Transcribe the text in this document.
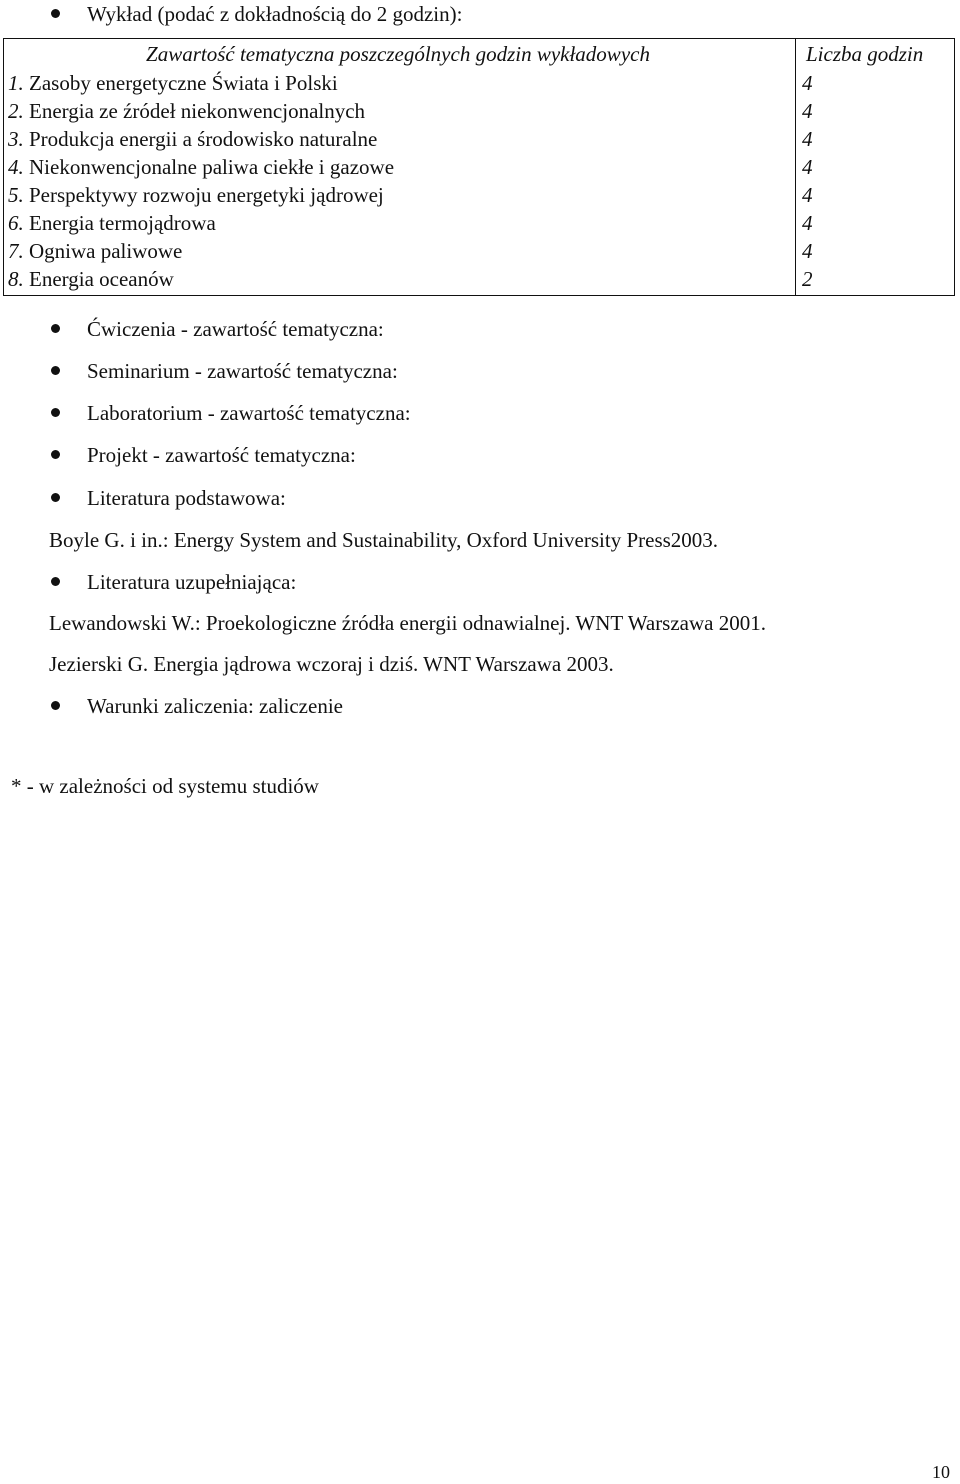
Wykład (podać z dokładnością do 2 godzin):
Zawartość tematyczna poszczególnych godzin wykładowych	Liczba godzin
1. Zasoby energetyczne Świata i Polski	4
2. Energia ze źródeł niekonwencjonalnych	4
3. Produkcja energii a środowisko naturalne	4
4. Niekonwencjonalne paliwa ciekłe i gazowe	4
5. Perspektywy rozwoju energetyki jądrowej	4
6. Energia termojądrowa	4
7. Ogniwa paliwowe	4
8. Energia oceanów	2
Ćwiczenia - zawartość tematyczna:
Seminarium - zawartość tematyczna:
Laboratorium - zawartość tematyczna:
Projekt - zawartość tematyczna:
Literatura podstawowa:
Boyle G. i in.: Energy System and Sustainability, Oxford University Press2003.
Literatura uzupełniająca:
Lewandowski W.: Proekologiczne źródła energii odnawialnej. WNT Warszawa 2001.
Jezierski G. Energia jądrowa wczoraj i dziś. WNT Warszawa 2003.
Warunki zaliczenia: zaliczenie
* - w zależności od systemu studiów
10
